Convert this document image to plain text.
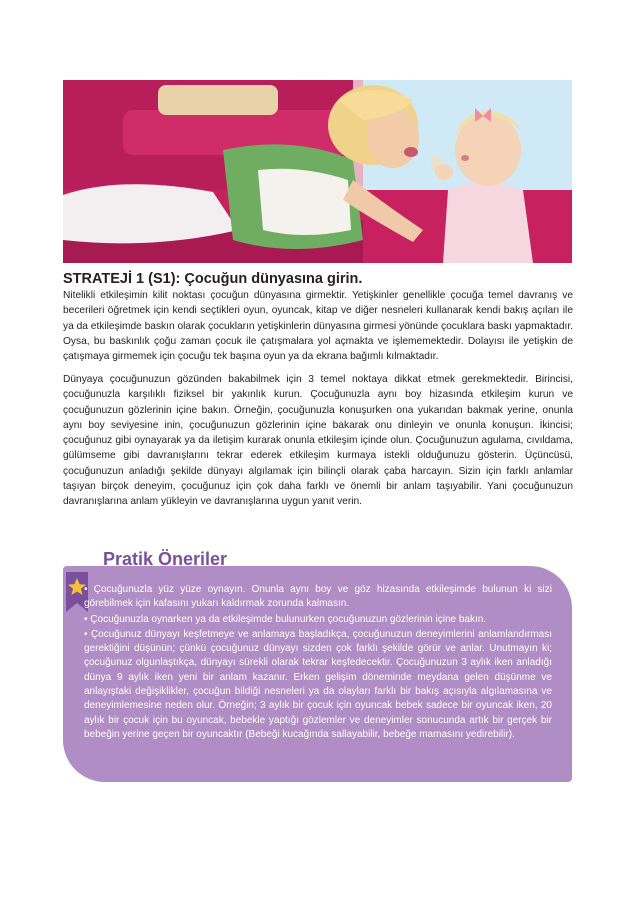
STRATEJİ 1 (S1): Çocuğun dünyasına girin.

Nitelikli etkileşimin kilit noktası çocuğun dünyasına girmektir. Yetişkinler genellikle çocuğa temel davranış ve becerileri öğretmek için kendi seçtikleri oyun, oyuncak, kitap ve diğer nesneleri kullanarak kendi bakış açıları ile ya da etkileşimde baskın olarak çocukların yetişkinlerin dünyasına girmesi yönünde çocuklara baskı yapmaktadır. Oysa, bu baskınlık çoğu zaman çocuk ile çatışmalara yol açmakta ve işlememektedir. Dolayısı ile yetişkin de çatışmaya girmemek için çocuğu tek başına oyun ya da ekrana bağımlı kılmaktadır.

Dünyaya çocuğunuzun gözünden bakabilmek için 3 temel noktaya dikkat etmek gerekmektedir. Birincisi, çocuğunuzla karşılıklı fiziksel bir yakınlık kurun. Çocuğunuzla aynı boy hizasında etkileşim kurun ve çocuğunuzun gözlerinin içine bakın. Örneğin, çocuğunuzla konuşurken ona yukarıdan bakmak yerine, onunla aynı boy seviyesine inin, çocuğunuzun gözlerinin içine bakarak onu dinleyin ve onunla konuşun. İkincisi; çocuğunuz gibi oynayarak ya da iletişim kurarak onunla etkileşim içinde olun. Çocuğunuzun agulama, cıvıldama, gülümseme gibi davranışlarını tekrar ederek etkileşim kurmaya istekli olduğunuzu gösterin. Üçüncüsü, çocuğunuzun anladığı şekilde dünyayı algılamak için bilinçli olarak çaba harcayın. Sizin için farklı anlamlar taşıyan birçok deneyim, çocuğunuz için çok daha farklı ve önemli bir anlam taşıyabilir. Yani çocuğunuzun davranışlarına anlam yükleyin ve davranışlarına uygun yanıt verin.

Pratik Öneriler
• Çocuğunuzla yüz yüze oynayın. Onunla aynı boy ve göz hizasında etkileşimde bulunun ki sizi görebilmek için kafasını yukarı kaldırmak zorunda kalmasın.
• Çocuğunuzla oynarken ya da etkileşimde bulunurken çocuğunuzun gözlerinin içine bakın.
• Çocuğunuz dünyayı keşfetmeye ve anlamaya başladıkça, çocuğunuzun deneyimlerini anlamlandırması gerektiğini düşünün; çünkü çocuğunuz dünyayı sizden çok farklı şekilde görür ve anlar. Unutmayın ki; çocuğunuz olgunlaştıkça, dünyayı sürekli olarak tekrar keşfedecektir. Çocuğunuzun 3 aylık iken anladığı dünya 9 aylık iken yeni bir anlam kazanır. Erken gelişim döneminde meydana gelen düşünme ve anlayıştaki değişiklikler, çocuğun bildiği nesneleri ya da olayları farklı bir bakış açısıyla algılamasına ve deneyimlemesine neden olur. Örneğin; 3 aylık bir çocuk için oyuncak bebek sadece bir oyuncak iken, 20 aylık bir çocuk için bu oyuncak, bebekle yaptığı gözlemler ve deneyimler sonucunda artık bir gerçek bir bebeğin yerine geçen bir oyuncaktır (Bebeği kucağında sallayabilir, bebeğe mamasını yedirebilir).
